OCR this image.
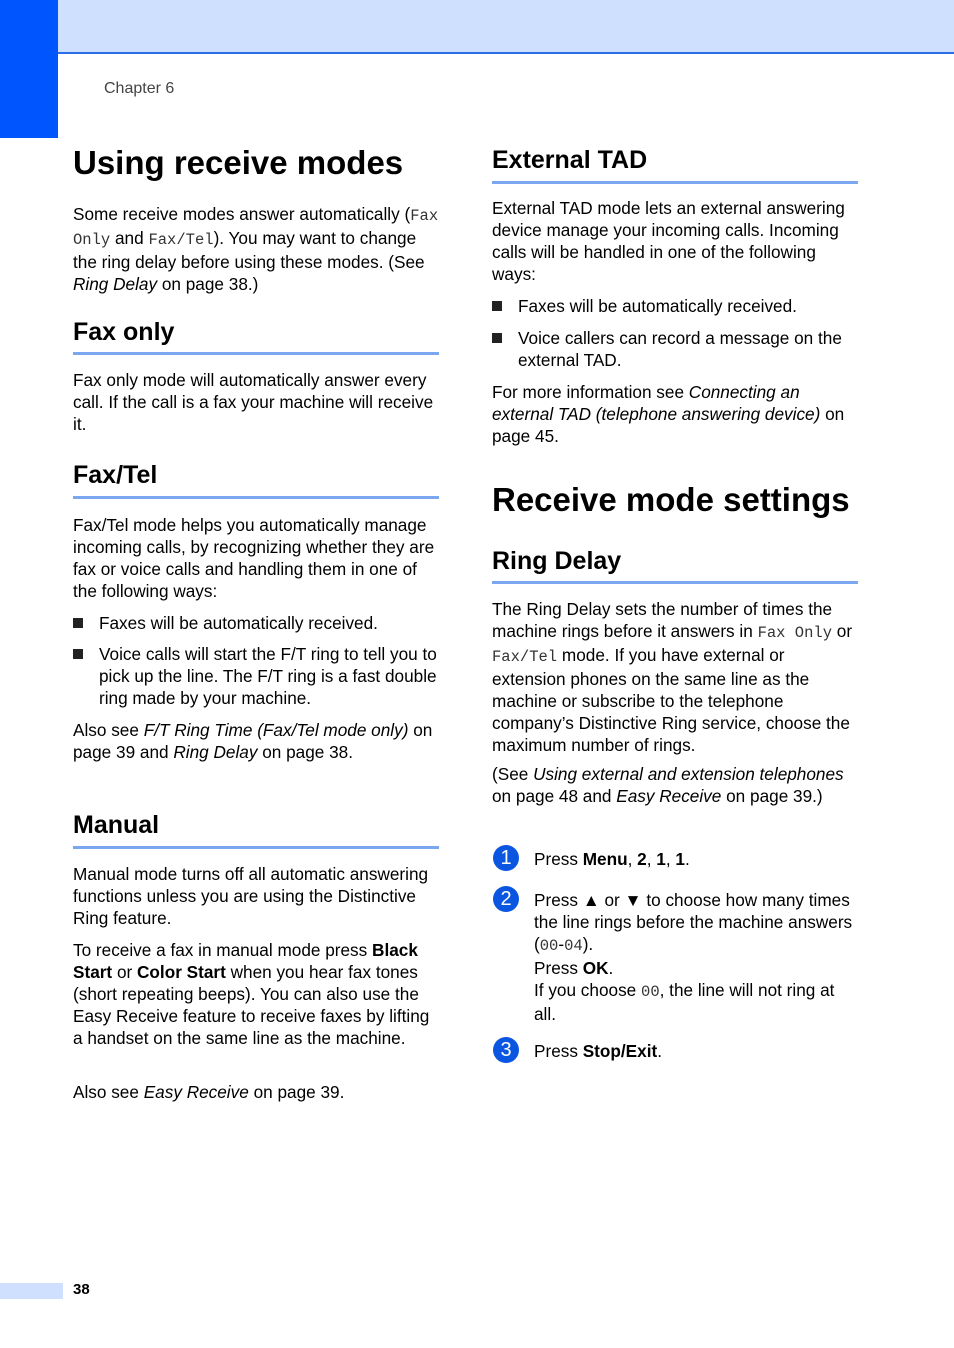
Chapter 6
Using receive modes

Some receive modes answer automatically (Fax Only and Fax/Tel). You may want to change the ring delay before using these modes. (See Ring Delay on page 38.)

Fax only

Fax only mode will automatically answer every call. If the call is a fax your machine will receive it.

Fax/Tel

Fax/Tel mode helps you automatically manage incoming calls, by recognizing whether they are fax or voice calls and handling them in one of the following ways:

Faxes will be automatically received.
Voice calls will start the F/T ring to tell you to pick up the line. The F/T ring is a fast double ring made by your machine.

Also see F/T Ring Time (Fax/Tel mode only) on page 39 and Ring Delay on page 38.

Manual

Manual mode turns off all automatic answering functions unless you are using the Distinctive Ring feature.

To receive a fax in manual mode press Black Start or Color Start when you hear fax tones (short repeating beeps). You can also use the Easy Receive feature to receive faxes by lifting a handset on the same line as the machine.

Also see Easy Receive on page 39.

External TAD

External TAD mode lets an external answering device manage your incoming calls. Incoming calls will be handled in one of the following ways:

Faxes will be automatically received.
Voice callers can record a message on the external TAD.

For more information see Connecting an external TAD (telephone answering device) on page 45.

Receive mode settings
Ring Delay

The Ring Delay sets the number of times the machine rings before it answers in Fax Only or Fax/Tel mode. If you have external or extension phones on the same line as the machine or subscribe to the telephone company’s Distinctive Ring service, choose the maximum number of rings.

(See Using external and extension telephones on page 48 and Easy Receive on page 39.)

1	Press Menu, 2, 1, 1.
2	Press ▲ or ▼ to choose how many times the line rings before the machine answers (00-04).
Press OK.
If you choose 00, the line will not ring at all.
3	Press Stop/Exit.
38
